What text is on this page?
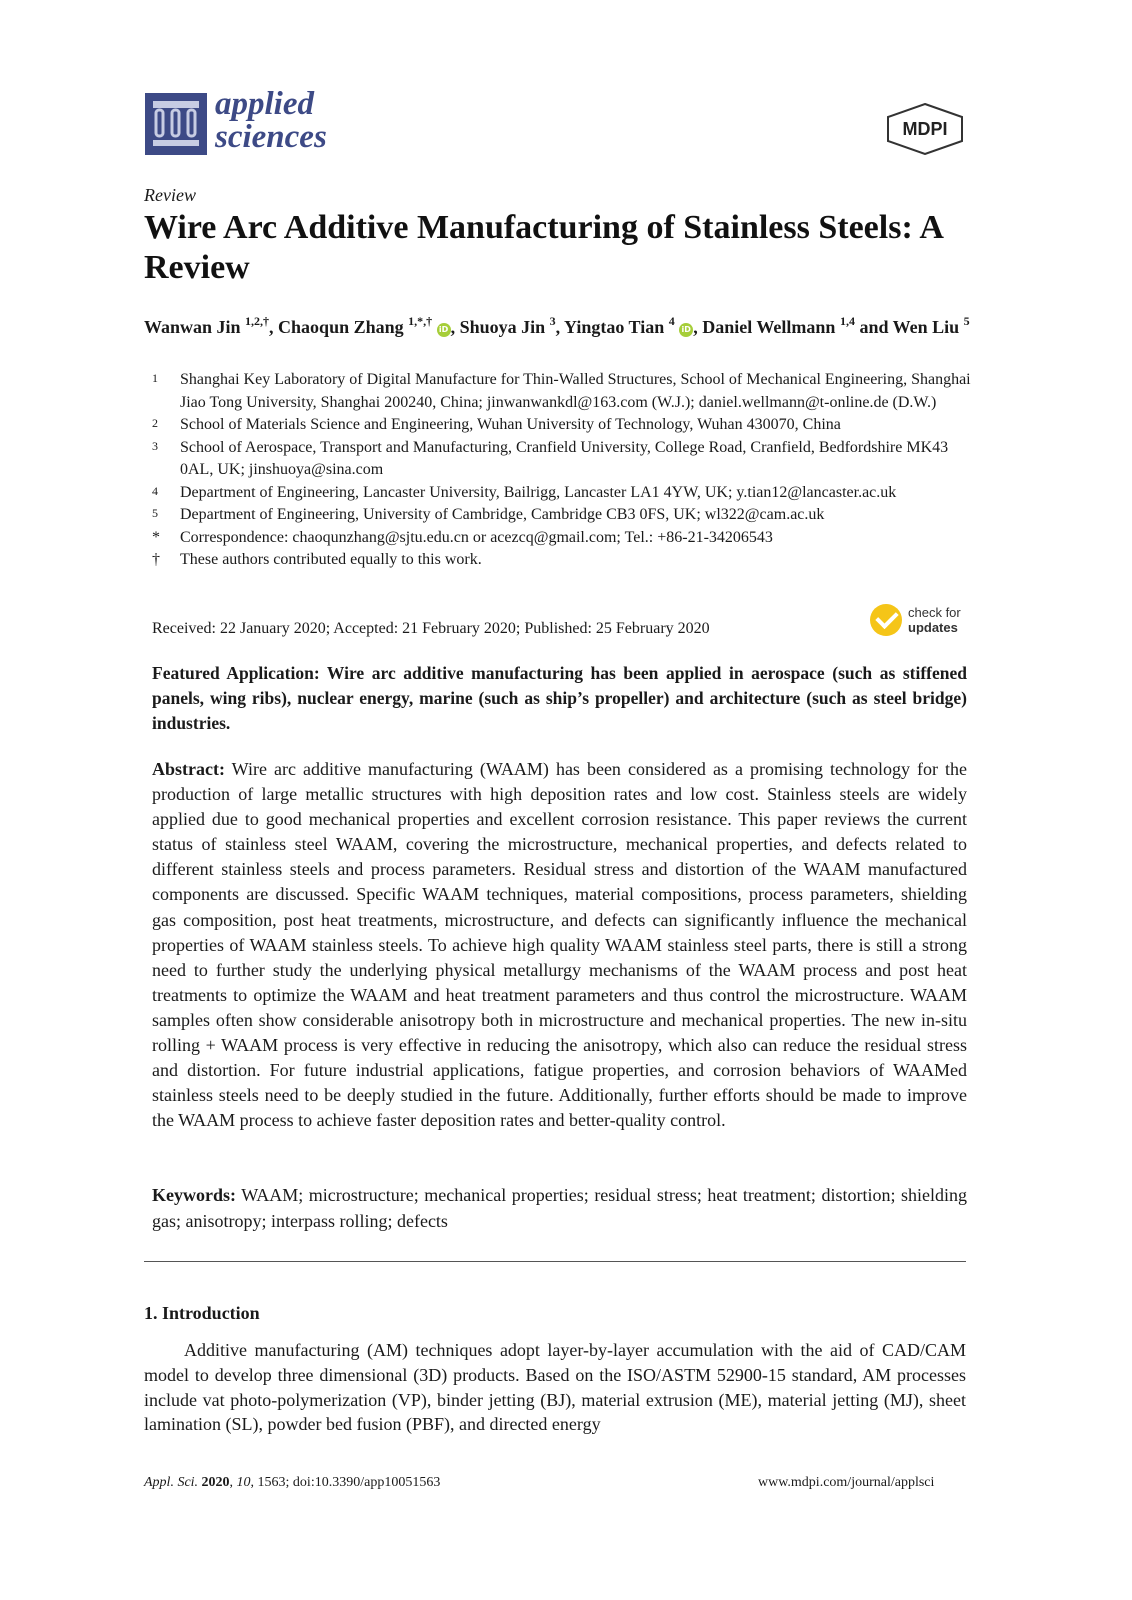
applied
sciences	MDPI
Review
Wire Arc Additive Manufacturing of Stainless Steels: A Review
Wanwan Jin $^{1,2,\dagger}$, Chaoqun Zhang $^{1,*,\dagger}$ iD , Shuoya Jin $^3$, Yingtao Tian $^4$ iD , Daniel Wellmann $^{1,4}$ and Wen Liu $^5$
1	Shanghai Key Laboratory of Digital Manufacture for Thin-Walled Structures, School of Mechanical Engineering, Shanghai Jiao Tong University, Shanghai 200240, China; jinwanwankdl@163.com (W.J.); daniel.wellmann@t-online.de (D.W.)
2	School of Materials Science and Engineering, Wuhan University of Technology, Wuhan 430070, China
3	School of Aerospace, Transport and Manufacturing, Cranfield University, College Road, Cranfield, Bedfordshire MK43 0AL, UK; jinshuoya@sina.com
4	Department of Engineering, Lancaster University, Bailrigg, Lancaster LA1 4YW, UK; y.tian12@lancaster.ac.uk
5	Department of Engineering, University of Cambridge, Cambridge CB3 0FS, UK; wl322@cam.ac.uk
*	Correspondence: chaoqunzhang@sjtu.edu.cn or acezcq@gmail.com; Tel.: +86-21-34206543
†	These authors contributed equally to this work.
Received: 22 January 2020; Accepted: 21 February 2020; Published: 25 February 2020
check for
updates
Featured Application: Wire arc additive manufacturing has been applied in aerospace (such as stiffened panels, wing ribs), nuclear energy, marine (such as ship’s propeller) and architecture (such as steel bridge) industries.
Abstract: Wire arc additive manufacturing (WAAM) has been considered as a promising technology for the production of large metallic structures with high deposition rates and low cost. Stainless steels are widely applied due to good mechanical properties and excellent corrosion resistance. This paper reviews the current status of stainless steel WAAM, covering the microstructure, mechanical properties, and defects related to different stainless steels and process parameters. Residual stress and distortion of the WAAM manufactured components are discussed. Specific WAAM techniques, material compositions, process parameters, shielding gas composition, post heat treatments, microstructure, and defects can significantly influence the mechanical properties of WAAM stainless steels. To achieve high quality WAAM stainless steel parts, there is still a strong need to further study the underlying physical metallurgy mechanisms of the WAAM process and post heat treatments to optimize the WAAM and heat treatment parameters and thus control the microstructure. WAAM samples often show considerable anisotropy both in microstructure and mechanical properties. The new in-situ rolling + WAAM process is very effective in reducing the anisotropy, which also can reduce the residual stress and distortion. For future industrial applications, fatigue properties, and corrosion behaviors of WAAMed stainless steels need to be deeply studied in the future. Additionally, further efforts should be made to improve the WAAM process to achieve faster deposition rates and better-quality control.
Keywords: WAAM; microstructure; mechanical properties; residual stress; heat treatment; distortion; shielding gas; anisotropy; interpass rolling; defects
1. Introduction
Additive manufacturing (AM) techniques adopt layer-by-layer accumulation with the aid of CAD/CAM model to develop three dimensional (3D) products. Based on the ISO/ASTM 52900-15 standard, AM processes include vat photo-polymerization (VP), binder jetting (BJ), material extrusion (ME), material jetting (MJ), sheet lamination (SL), powder bed fusion (PBF), and directed energy
Appl. Sci. 2020, 10, 1563; doi:10.3390/app10051563	www.mdpi.com/journal/applsci
